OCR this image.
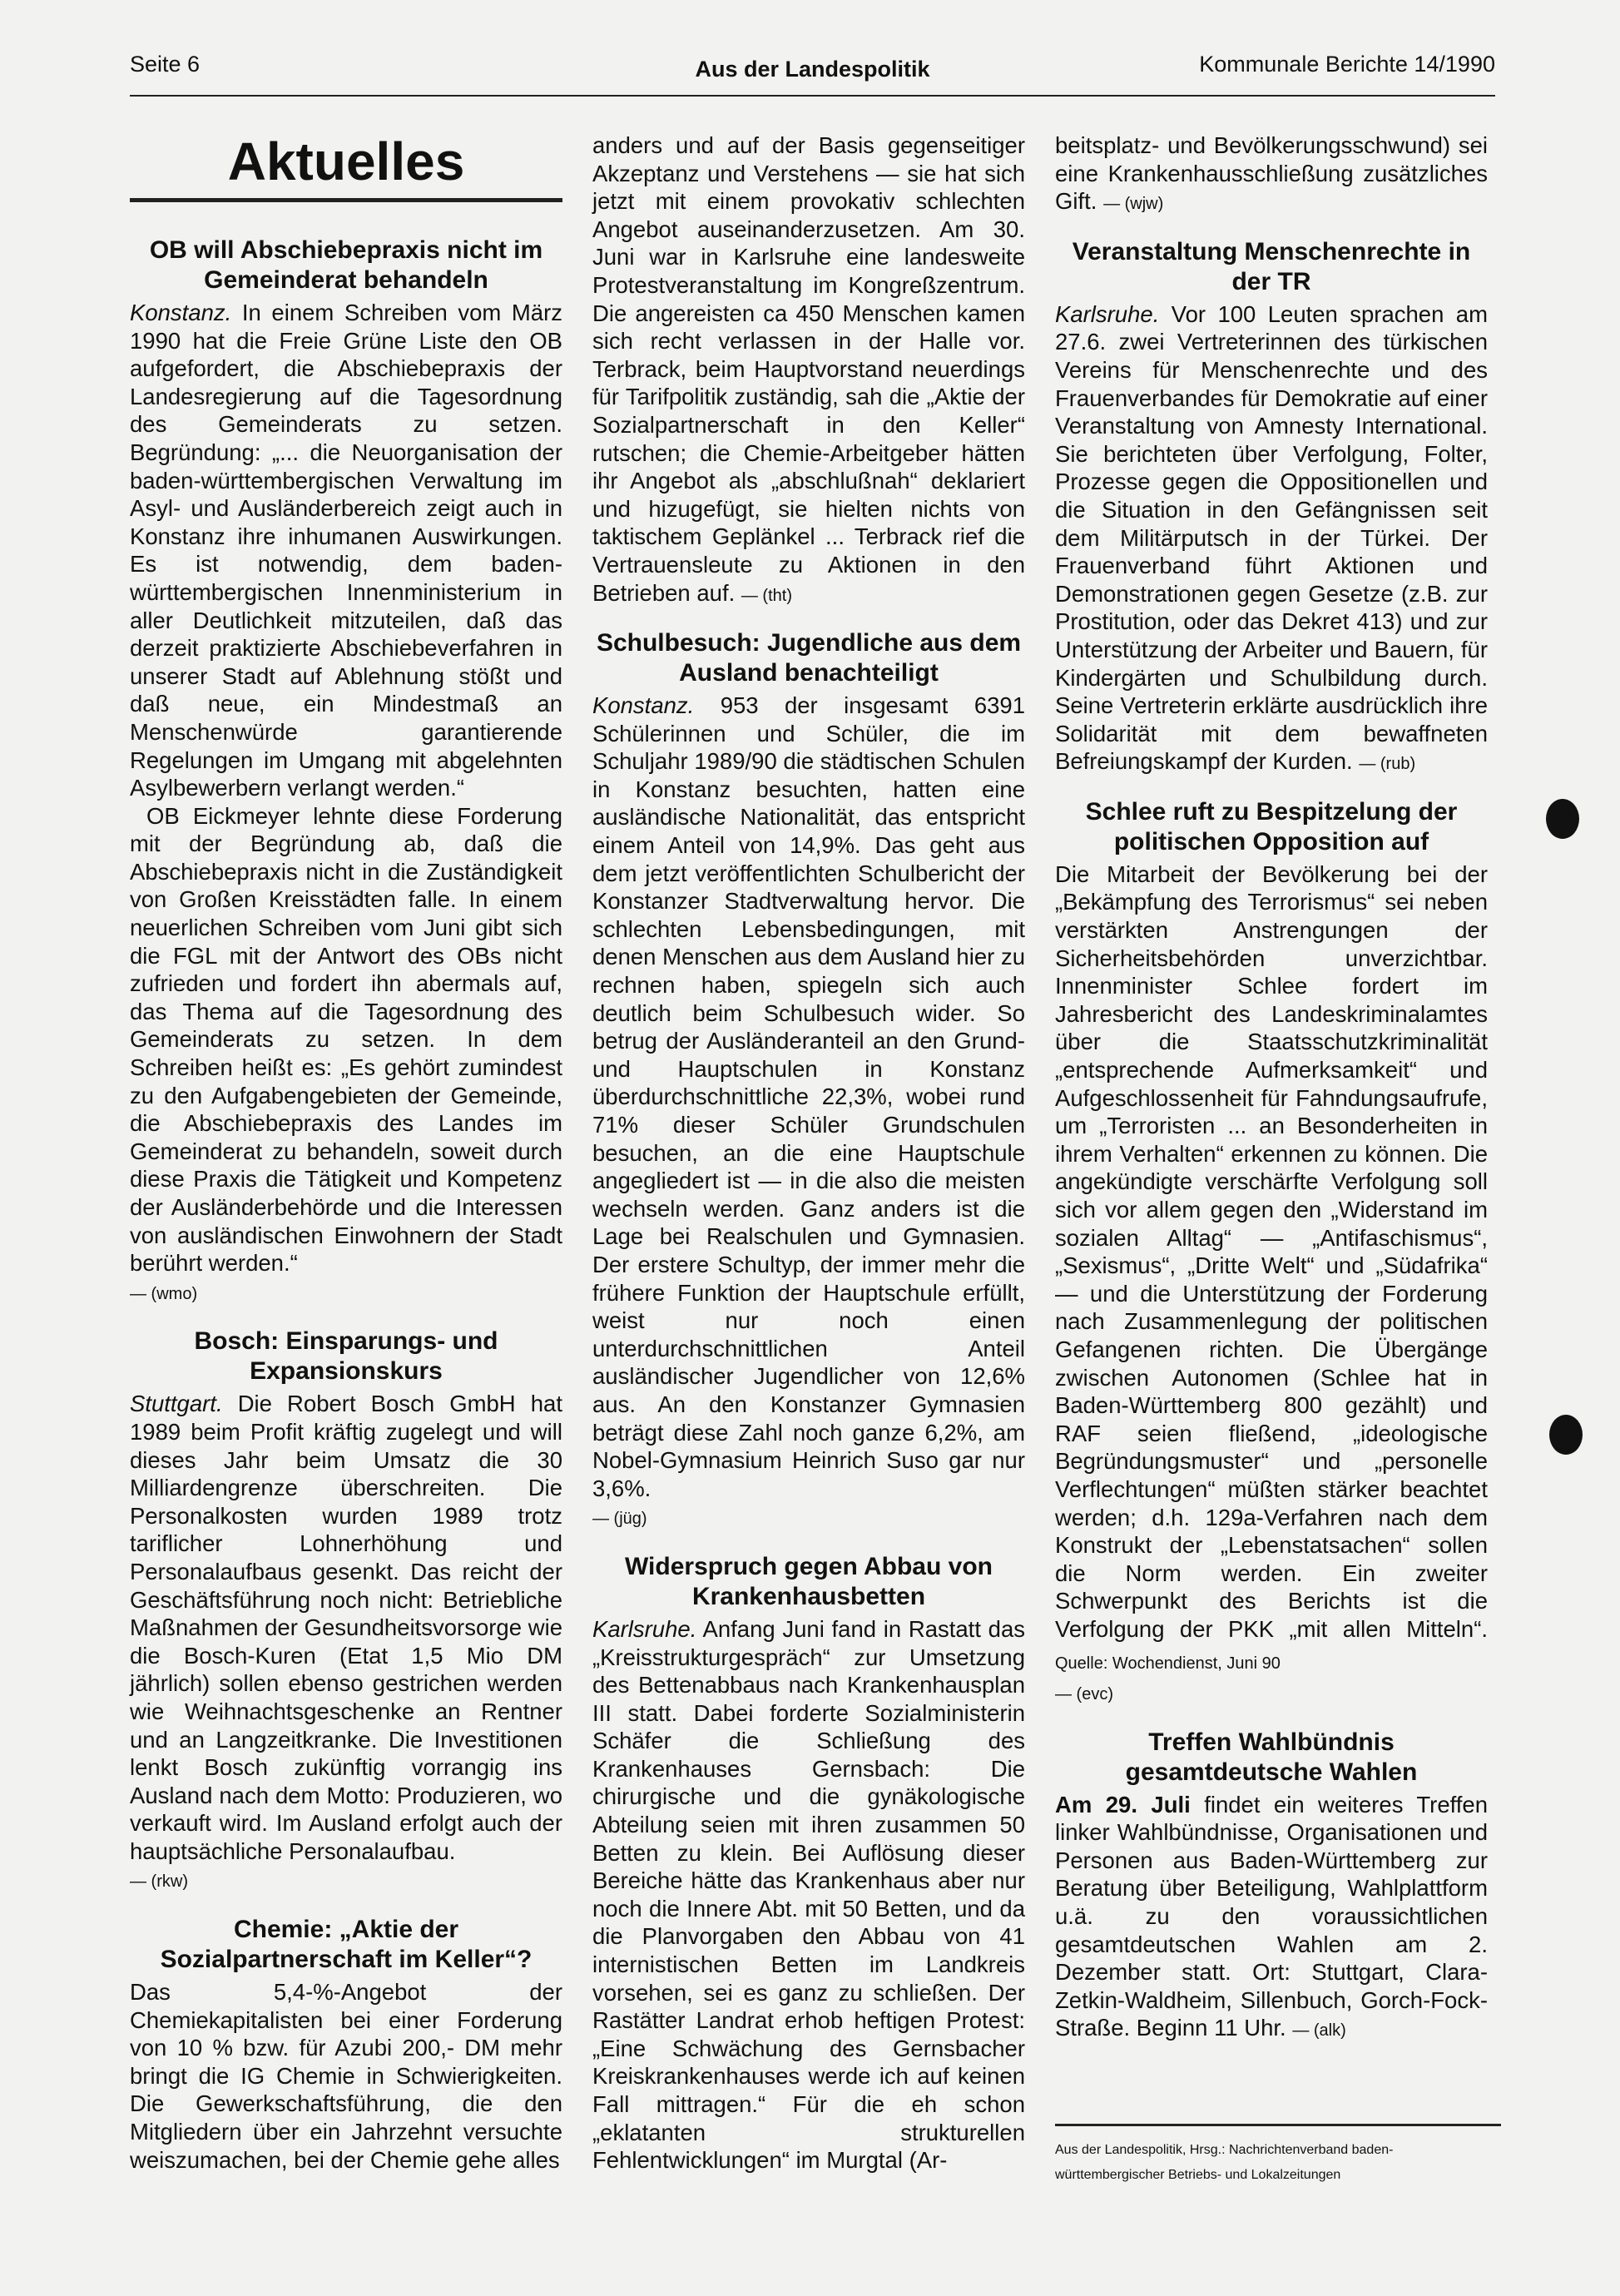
Seite 6	Aus der Landespolitik	Kommunale Berichte 14/1990
Aktuelles
OB will Abschiebepraxis nicht im Gemeinderat behandeln

Konstanz. In einem Schreiben vom März 1990 hat die Freie Grüne Liste den OB aufgefordert, die Abschiebepraxis der Landesregierung auf die Tagesordnung des Gemeinderats zu setzen. Begründung: „... die Neuorganisation der baden-württembergischen Verwaltung im Asyl- und Ausländerbereich zeigt auch in Konstanz ihre inhumanen Auswirkungen. Es ist notwendig, dem baden-württembergischen Innenministerium in aller Deutlichkeit mitzuteilen, daß das derzeit praktizierte Abschiebeverfahren in unserer Stadt auf Ablehnung stößt und daß neue, ein Mindestmaß an Menschenwürde garantierende Regelungen im Umgang mit abgelehnten Asylbewerbern verlangt werden.“

OB Eickmeyer lehnte diese Forderung mit der Begründung ab, daß die Abschiebepraxis nicht in die Zuständigkeit von Großen Kreisstädten falle. In einem neuerlichen Schreiben vom Juni gibt sich die FGL mit der Antwort des OBs nicht zufrieden und fordert ihn abermals auf, das Thema auf die Tagesordnung des Gemeinderats zu setzen. In dem Schreiben heißt es: „Es gehört zumindest zu den Aufgabengebieten der Gemeinde, die Abschiebepraxis des Landes im Gemeinderat zu behandeln, soweit durch diese Praxis die Tätigkeit und Kompetenz der Ausländerbehörde und die Interessen von ausländischen Einwohnern der Stadt berührt werden.“

— (wmo)

Bosch: Einsparungs- und Expansionskurs

Stuttgart. Die Robert Bosch GmbH hat 1989 beim Profit kräftig zugelegt und will dieses Jahr beim Umsatz die 30 Milliardengrenze überschreiten. Die Personalkosten wurden 1989 trotz tariflicher Lohnerhöhung und Personalaufbaus gesenkt. Das reicht der Geschäftsführung noch nicht: Betriebliche Maßnahmen der Gesundheitsvorsorge wie die Bosch-Kuren (Etat 1,5 Mio DM jährlich) sollen ebenso gestrichen werden wie Weihnachtsgeschenke an Rentner und an Langzeitkranke. Die Investitionen lenkt Bosch zukünftig vorrangig ins Ausland nach dem Motto: Produzieren, wo verkauft wird. Im Ausland erfolgt auch der hauptsächliche Personalaufbau.

— (rkw)

Chemie: „Aktie der Sozialpartnerschaft im Keller“?

Das 5,4-%-Angebot der Chemiekapitalisten bei einer Forderung von 10 % bzw. für Azubi 200,- DM mehr bringt die IG Chemie in Schwierigkeiten. Die Gewerkschaftsführung, die den Mitgliedern über ein Jahrzehnt versuchte weiszumachen, bei der Chemie gehe alles

anders und auf der Basis gegenseitiger Akzeptanz und Verstehens — sie hat sich jetzt mit einem provokativ schlechten Angebot auseinanderzusetzen. Am 30. Juni war in Karlsruhe eine landesweite Protestveranstaltung im Kongreßzentrum. Die angereisten ca 450 Menschen kamen sich recht verlassen in der Halle vor. Terbrack, beim Hauptvorstand neuerdings für Tarifpolitik zuständig, sah die „Aktie der Sozialpartnerschaft in den Keller“ rutschen; die Chemie-Arbeitgeber hätten ihr Angebot als „abschlußnah“ deklariert und hizugefügt, sie hielten nichts von taktischem Geplänkel ... Terbrack rief die Vertrauensleute zu Aktionen in den Betrieben auf. — (tht)

Schulbesuch: Jugendliche aus dem Ausland benachteiligt

Konstanz. 953 der insgesamt 6391 Schülerinnen und Schüler, die im Schuljahr 1989/90 die städtischen Schulen in Konstanz besuchten, hatten eine ausländische Nationalität, das entspricht einem Anteil von 14,9%. Das geht aus dem jetzt veröffentlichten Schulbericht der Konstanzer Stadtverwaltung hervor. Die schlechten Lebensbedingungen, mit denen Menschen aus dem Ausland hier zu rechnen haben, spiegeln sich auch deutlich beim Schulbesuch wider. So betrug der Ausländeranteil an den Grund- und Hauptschulen in Konstanz überdurchschnittliche 22,3%, wobei rund 71% dieser Schüler Grundschulen besuchen, an die eine Hauptschule angegliedert ist — in die also die meisten wechseln werden. Ganz anders ist die Lage bei Realschulen und Gymnasien. Der erstere Schultyp, der immer mehr die frühere Funktion der Hauptschule erfüllt, weist nur noch einen unterdurchschnittlichen Anteil ausländischer Jugendlicher von 12,6% aus. An den Konstanzer Gymnasien beträgt diese Zahl noch ganze 6,2%, am Nobel-Gymnasium Heinrich Suso gar nur 3,6%.

— (jüg)

Widerspruch gegen Abbau von Krankenhausbetten

Karlsruhe. Anfang Juni fand in Rastatt das „Kreisstrukturgespräch“ zur Umsetzung des Bettenabbaus nach Krankenhausplan III statt. Dabei forderte Sozialministerin Schäfer die Schließung des Krankenhauses Gernsbach: Die chirurgische und die gynäkologische Abteilung seien mit ihren zusammen 50 Betten zu klein. Bei Auflösung dieser Bereiche hätte das Krankenhaus aber nur noch die Innere Abt. mit 50 Betten, und da die Planvorgaben den Abbau von 41 internistischen Betten im Landkreis vorsehen, sei es ganz zu schließen. Der Rastätter Landrat erhob heftigen Protest: „Eine Schwächung des Gernsbacher Kreiskrankenhauses werde ich auf keinen Fall mittragen.“ Für die eh schon „eklatanten strukturellen Fehlentwicklungen“ im Murgtal (Ar-

beitsplatz- und Bevölkerungsschwund) sei eine Krankenhausschließung zusätzliches Gift. — (wjw)

Veranstaltung Menschenrechte in der TR

Karlsruhe. Vor 100 Leuten sprachen am 27.6. zwei Vertreterinnen des türkischen Vereins für Menschenrechte und des Frauenverbandes für Demokratie auf einer Veranstaltung von Amnesty International. Sie berichteten über Verfolgung, Folter, Prozesse gegen die Oppositionellen und die Situation in den Gefängnissen seit dem Militärputsch in der Türkei. Der Frauenverband führt Aktionen und Demonstrationen gegen Gesetze (z.B. zur Prostitution, oder das Dekret 413) und zur Unterstützung der Arbeiter und Bauern, für Kindergärten und Schulbildung durch. Seine Vertreterin erklärte ausdrücklich ihre Solidarität mit dem bewaffneten Befreiungskampf der Kurden. — (rub)

Schlee ruft zu Bespitzelung der politischen Opposition auf

Die Mitarbeit der Bevölkerung bei der „Bekämpfung des Terrorismus“ sei neben verstärkten Anstrengungen der Sicherheitsbehörden unverzichtbar. Innenminister Schlee fordert im Jahresbericht des Landeskriminalamtes über die Staatsschutzkriminalität „entsprechende Aufmerksamkeit“ und Aufgeschlossenheit für Fahndungsaufrufe, um „Terroristen ... an Besonderheiten in ihrem Verhalten“ erkennen zu können. Die angekündigte verschärfte Verfolgung soll sich vor allem gegen den „Widerstand im sozialen Alltag“ — „Antifaschismus“, „Sexismus“, „Dritte Welt“ und „Südafrika“ — und die Unterstützung der Forderung nach Zusammenlegung der politischen Gefangenen richten. Die Übergänge zwischen Autonomen (Schlee hat in Baden-Württemberg 800 gezählt) und RAF seien fließend, „ideologische Begründungsmuster“ und „personelle Verflechtungen“ müßten stärker beachtet werden; d.h. 129a-Verfahren nach dem Konstrukt der „Lebenstatsachen“ sollen die Norm werden. Ein zweiter Schwerpunkt des Berichts ist die Verfolgung der PKK „mit allen Mitteln“. Quelle: Wochendienst, Juni 90

— (evc)

Treffen Wahlbündnis gesamtdeutsche Wahlen

Am 29. Juli findet ein weiteres Treffen linker Wahlbündnisse, Organisationen und Personen aus Baden-Württemberg zur Beratung über Beteiligung, Wahlplattform u.ä. zu den voraussichtlichen gesamtdeutschen Wahlen am 2. Dezember statt. Ort: Stuttgart, Clara-Zetkin-Waldheim, Sillenbuch, Gorch-Fock-Straße. Beginn 11 Uhr. — (alk)

Aus der Landespolitik, Hrsg.: Nachrichtenverband baden-württembergischer Betriebs- und Lokalzeitungen
